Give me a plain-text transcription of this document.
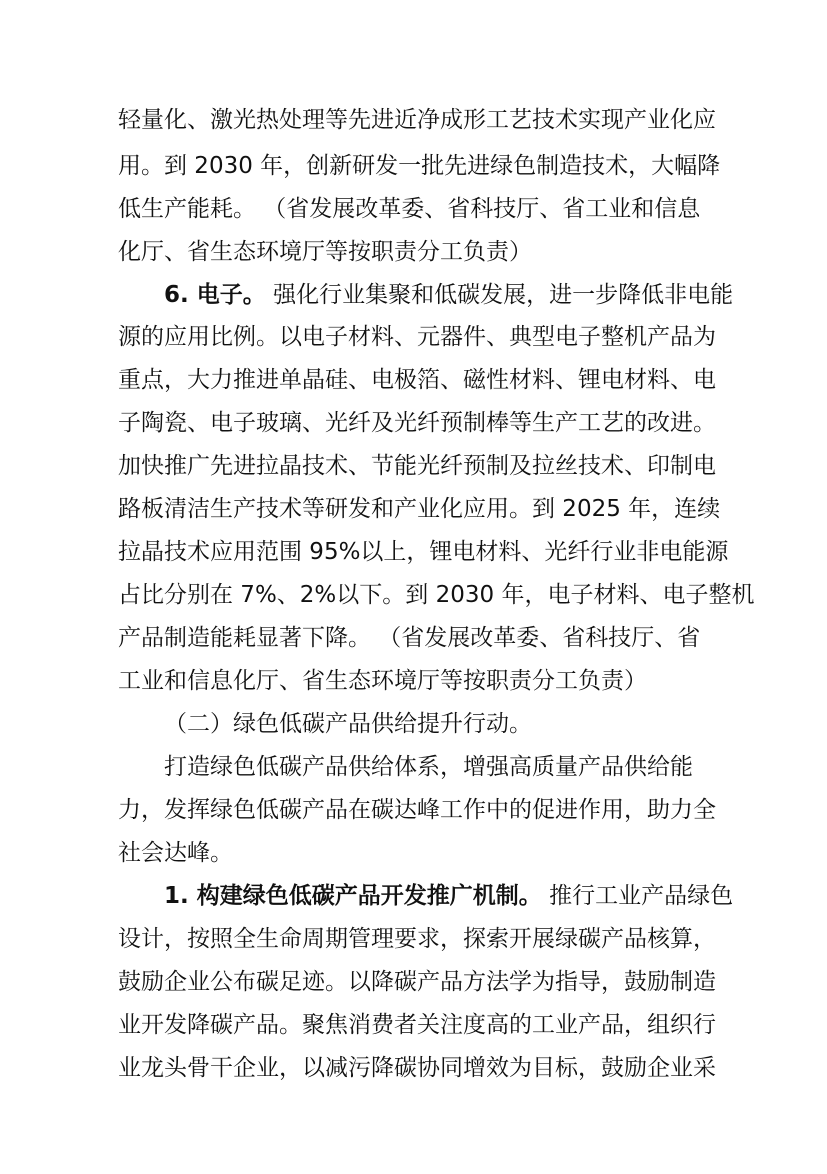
轻量化、激光热处理等先进近净成形工艺技术实现产业化应
用。到 2030 年，创新研发一批先进绿色制造技术，大幅降
低生产能耗。 （省发展改革委、省科技厅、省工业和信息
化厅、省生态环境厅等按职责分工负责）
6. 电子。 强化行业集聚和低碳发展，进一步降低非电能
源的应用比例。以电子材料、元器件、典型电子整机产品为
重点，大力推进单晶硅、电极箔、磁性材料、锂电材料、电
子陶瓷、电子玻璃、光纤及光纤预制棒等生产工艺的改进。
加快推广先进拉晶技术、节能光纤预制及拉丝技术、印制电
路板清洁生产技术等研发和产业化应用。到 2025 年，连续
拉晶技术应用范围 95%以上，锂电材料、光纤行业非电能源
占比分别在 7%、2%以下。到 2030 年，电子材料、电子整机
产品制造能耗显著下降。 （省发展改革委、省科技厅、省
工业和信息化厅、省生态环境厅等按职责分工负责）
（二）绿色低碳产品供给提升行动。
打造绿色低碳产品供给体系，增强高质量产品供给能
力，发挥绿色低碳产品在碳达峰工作中的促进作用，助力全
社会达峰。
1. 构建绿色低碳产品开发推广机制。 推行工业产品绿色
设计，按照全生命周期管理要求，探索开展绿碳产品核算，
鼓励企业公布碳足迹。以降碳产品方法学为指导，鼓励制造
业开发降碳产品。聚焦消费者关注度高的工业产品，组织行
业龙头骨干企业，以减污降碳协同增效为目标，鼓励企业采
